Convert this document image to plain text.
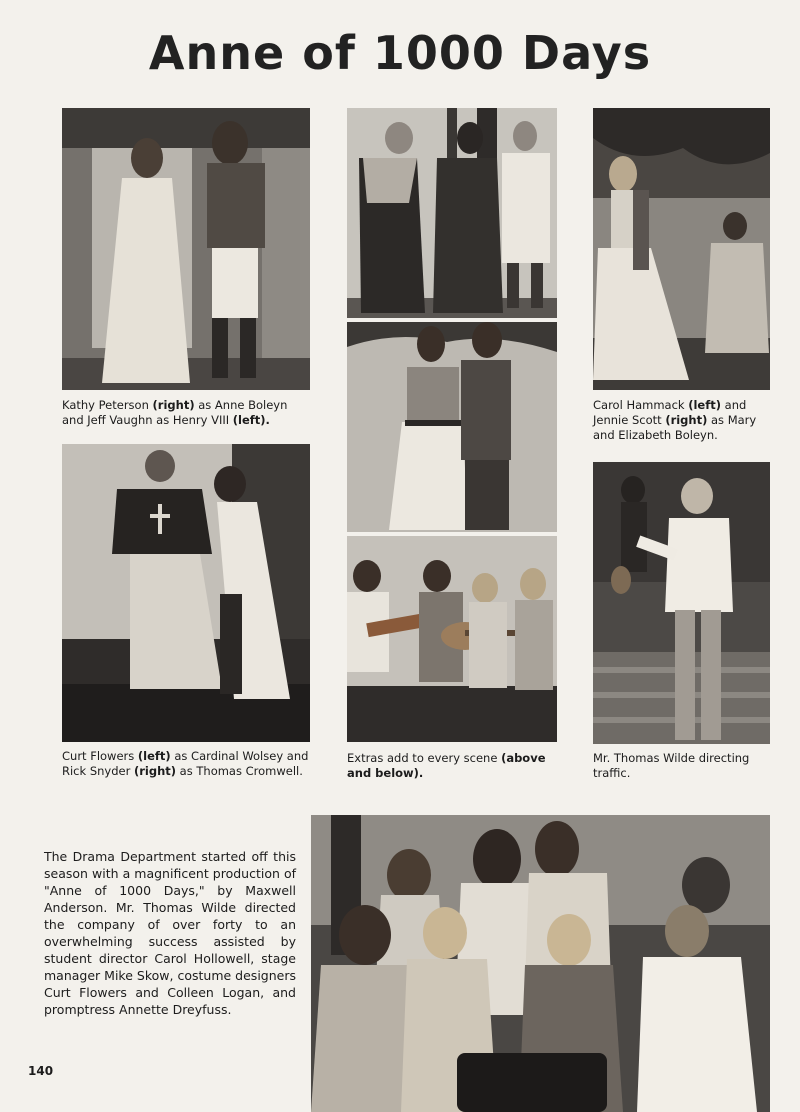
Anne of 1000 Days
Kathy Peterson (right) as Anne Boleyn and Jeff Vaughn as Henry VIII (left).
Carol Hammack (left) and Jennie Scott (right) as Mary and Elizabeth Boleyn.
Curt Flowers (left) as Cardinal Wolsey and Rick Snyder (right) as Thomas Cromwell.
Extras add to every scene (above and below).
Mr. Thomas Wilde directing traffic.
The Drama Department started off this season with a magnificent production of "Anne of 1000 Days," by Maxwell Anderson. Mr. Thomas Wilde directed the company of over forty to an overwhelming success assisted by student director Carol Hollowell, stage manager Mike Skow, costume designers Curt Flowers and Colleen Logan, and promptress Annette Dreyfuss.
140
